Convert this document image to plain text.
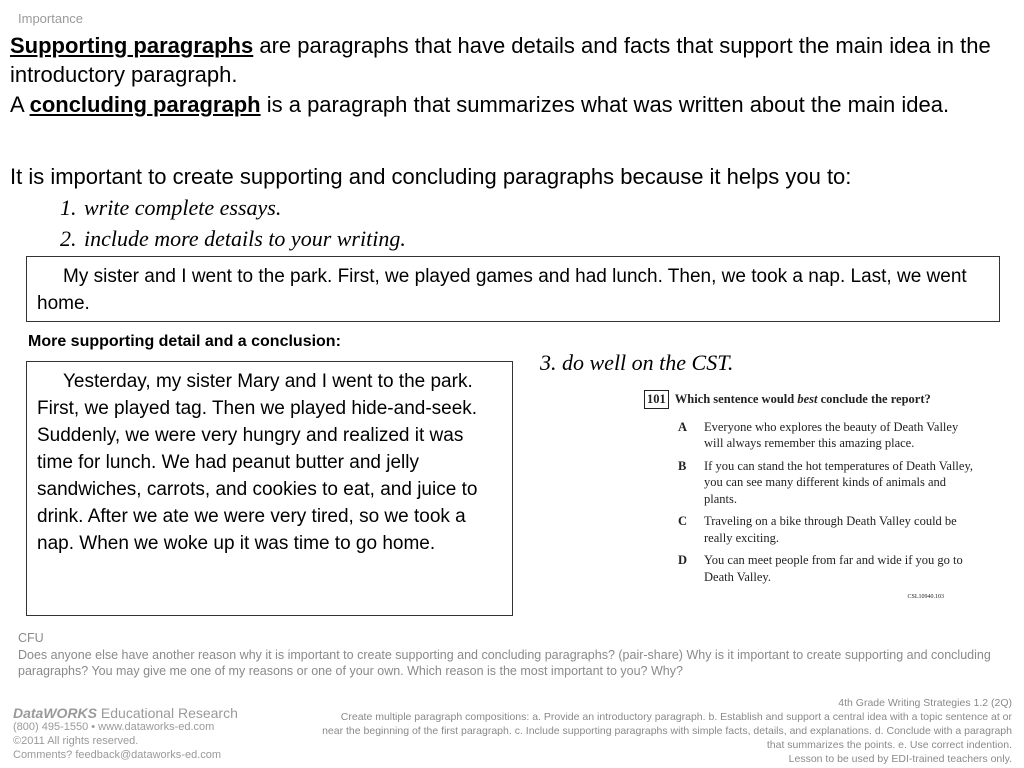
Importance
Supporting paragraphs are paragraphs that have details and facts that support the main idea in the introductory paragraph.
A concluding paragraph is a paragraph that summarizes what was written about the main idea.
It is important to create supporting and concluding paragraphs because it helps you to:
1. write complete essays.
2. include more details to your writing.
My sister and I went to the park. First, we played games and had lunch. Then, we took a nap. Last, we went home.
More supporting detail and a conclusion:
Yesterday, my sister Mary and I went to the park. First, we played tag. Then we played hide-and-seek. Suddenly, we were very hungry and realized it was time for lunch. We had peanut butter and jelly sandwiches, carrots, and cookies to eat, and juice to drink. After we ate we were very tired, so we took a nap. When we woke up it was time to go home.
3. do well on the CST.
101 Which sentence would best conclude the report?
A Everyone who explores the beauty of Death Valley will always remember this amazing place.
B If you can stand the hot temperatures of Death Valley, you can see many different kinds of animals and plants.
C Traveling on a bike through Death Valley could be really exciting.
D You can meet people from far and wide if you go to Death Valley.
CSL10940.103
CFU
Does anyone else have another reason why it is important to create supporting and concluding paragraphs? (pair-share) Why is it important to create supporting and concluding paragraphs? You may give me one of my reasons or one of your own. Which reason is the most important to you? Why?
DataWORKS Educational Research
(800) 495-1550 • www.dataworks-ed.com
©2011 All rights reserved.
Comments? feedback@dataworks-ed.com
4th Grade Writing Strategies 1.2 (2Q)
Create multiple paragraph compositions: a. Provide an introductory paragraph. b. Establish and support a central idea with a topic sentence at or near the beginning of the first paragraph. c. Include supporting paragraphs with simple facts, details, and explanations. d. Conclude with a paragraph that summarizes the points. e. Use correct indention.
Lesson to be used by EDI-trained teachers only.
